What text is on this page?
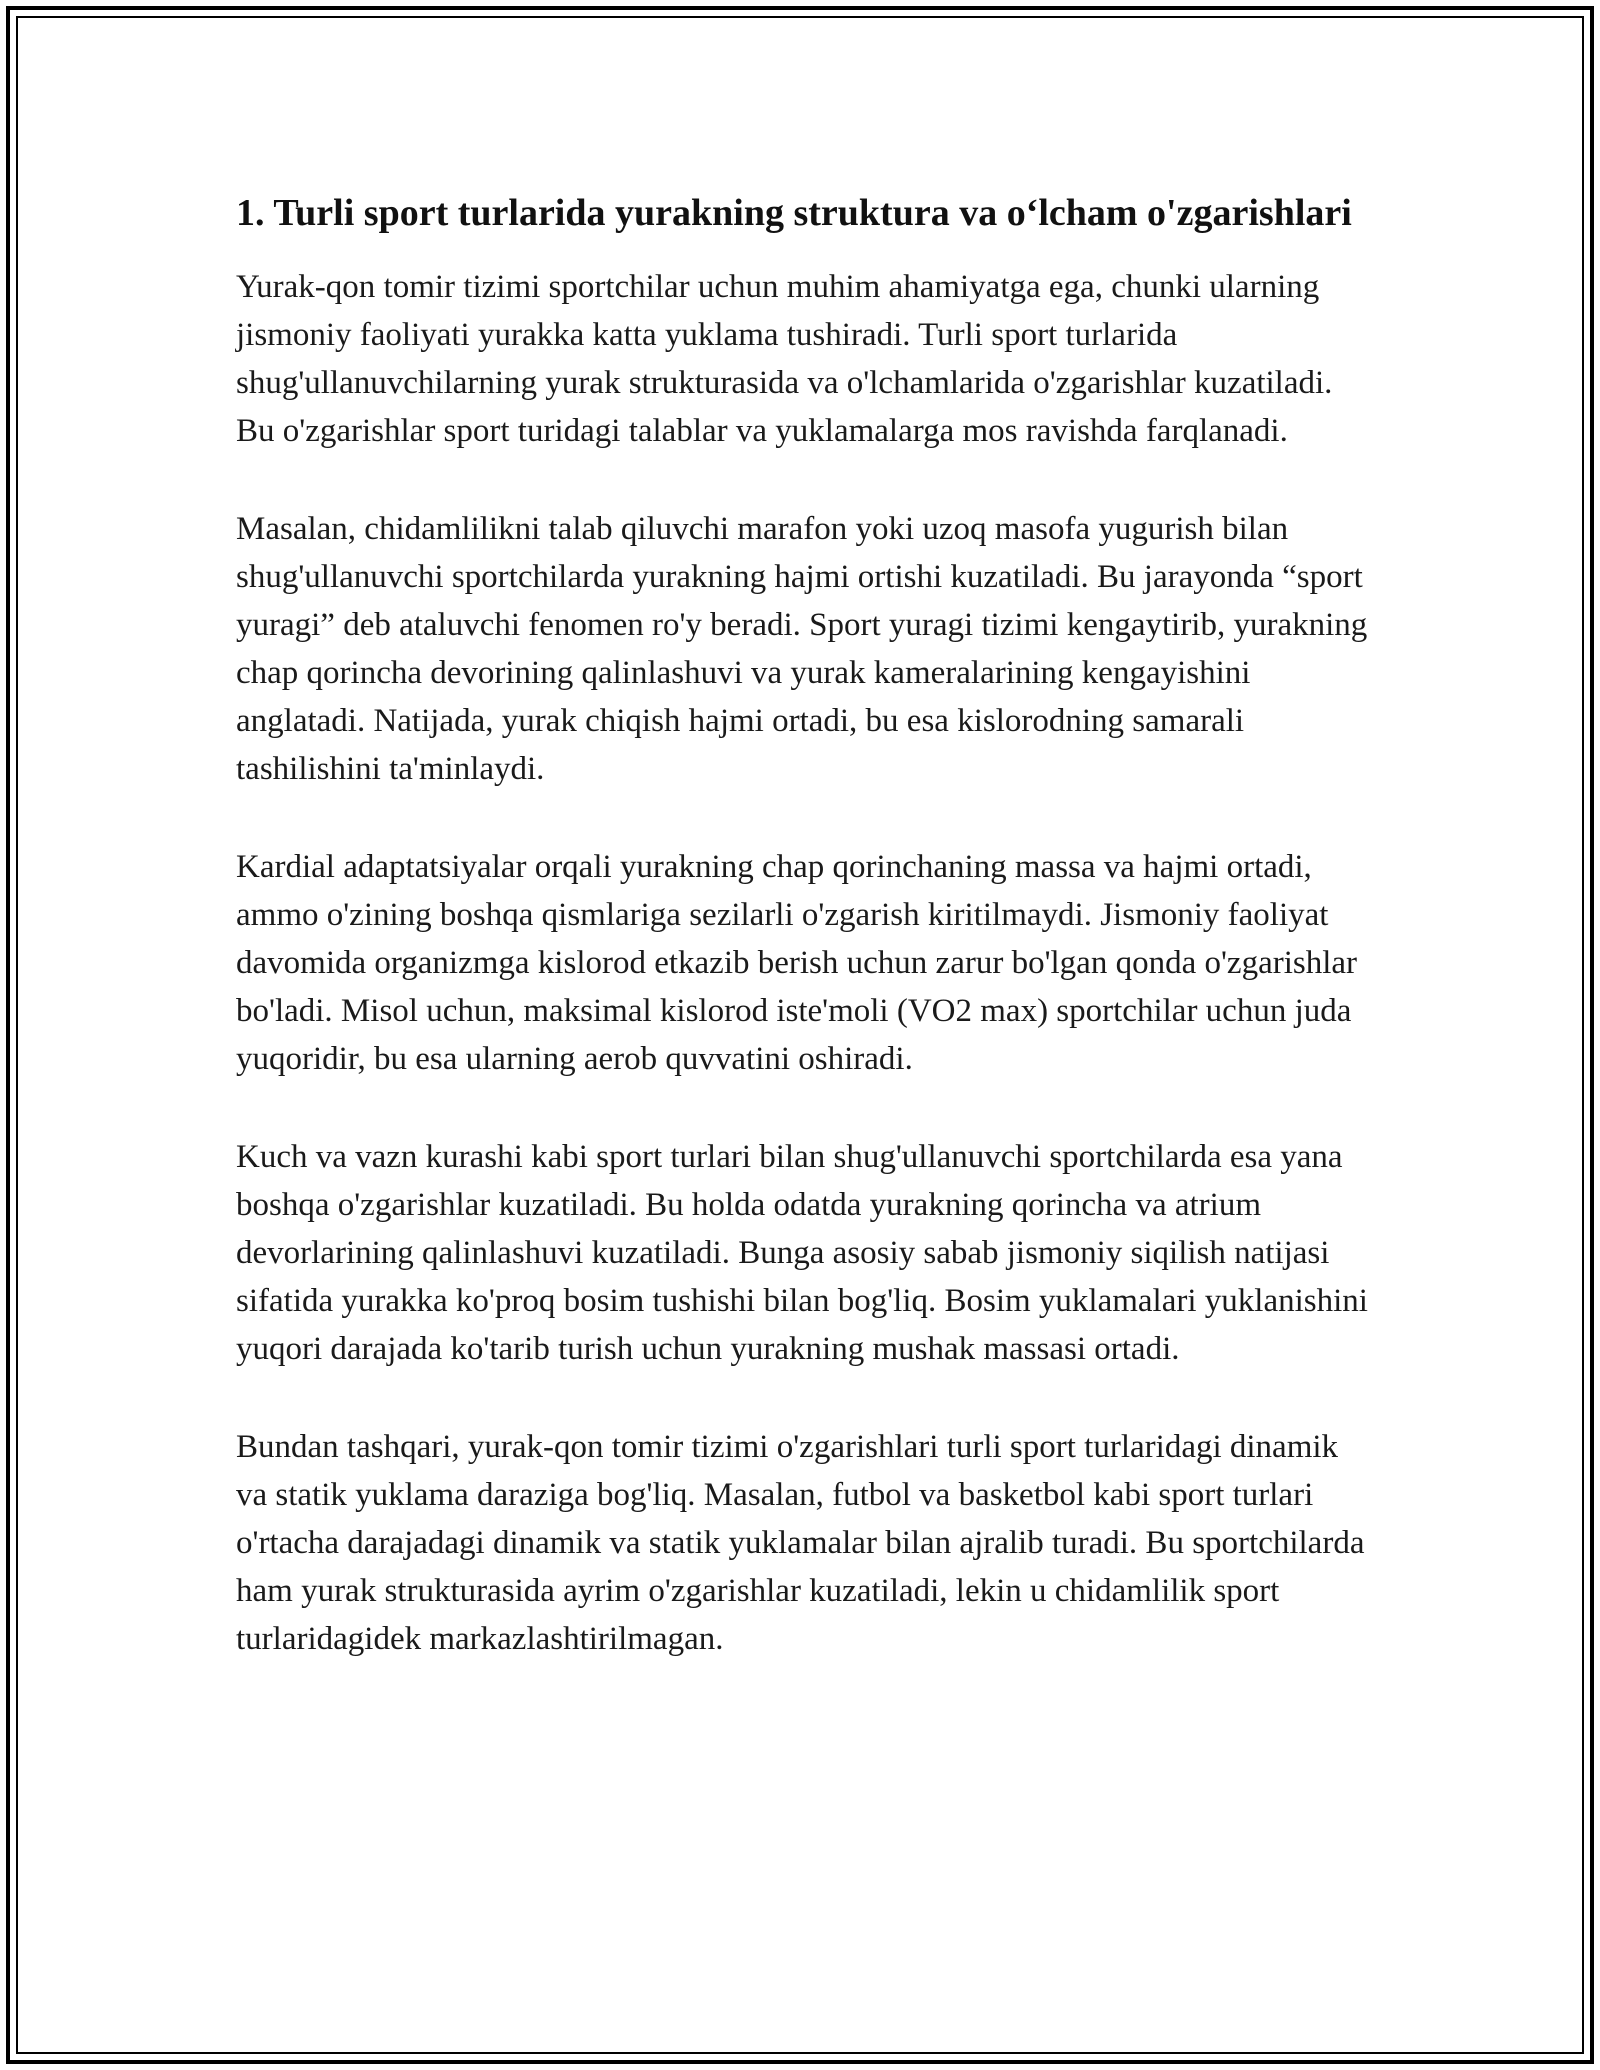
1. Turli sport turlarida yurakning struktura va o‘lcham o'zgarishlari

Yurak-qon tomir tizimi sportchilar uchun muhim ahamiyatga ega, chunki ularning jismoniy faoliyati yurakka katta yuklama tushiradi. Turli sport turlarida shug'ullanuvchilarning yurak strukturasida va o'lchamlarida o'zgarishlar kuzatiladi. Bu o'zgarishlar sport turidagi talablar va yuklamalarga mos ravishda farqlanadi.

Masalan, chidamlilikni talab qiluvchi marafon yoki uzoq masofa yugurish bilan shug'ullanuvchi sportchilarda yurakning hajmi ortishi kuzatiladi. Bu jarayonda “sport yuragi” deb ataluvchi fenomen ro'y beradi. Sport yuragi tizimi kengaytirib, yurakning chap qorincha devorining qalinlashuvi va yurak kameralarining kengayishini anglatadi. Natijada, yurak chiqish hajmi ortadi, bu esa kislorodning samarali tashilishini ta'minlaydi.

Kardial adaptatsiyalar orqali yurakning chap qorinchaning massa va hajmi ortadi, ammo o'zining boshqa qismlariga sezilarli o'zgarish kiritilmaydi. Jismoniy faoliyat davomida organizmga kislorod etkazib berish uchun zarur bo'lgan qonda o'zgarishlar bo'ladi. Misol uchun, maksimal kislorod iste'moli (VO2 max) sportchilar uchun juda yuqoridir, bu esa ularning aerob quvvatini oshiradi.

Kuch va vazn kurashi kabi sport turlari bilan shug'ullanuvchi sportchilarda esa yana boshqa o'zgarishlar kuzatiladi. Bu holda odatda yurakning qorincha va atrium devorlarining qalinlashuvi kuzatiladi. Bunga asosiy sabab jismoniy siqilish natijasi sifatida yurakka ko'proq bosim tushishi bilan bog'liq. Bosim yuklamalari yuklanishini yuqori darajada ko'tarib turish uchun yurakning mushak massasi ortadi.

Bundan tashqari, yurak-qon tomir tizimi o'zgarishlari turli sport turlaridagi dinamik va statik yuklama daraziga bog'liq. Masalan, futbol va basketbol kabi sport turlari o'rtacha darajadagi dinamik va statik yuklamalar bilan ajralib turadi. Bu sportchilarda ham yurak strukturasida ayrim o'zgarishlar kuzatiladi, lekin u chidamlilik sport turlaridagidek markazlashtirilmagan.
